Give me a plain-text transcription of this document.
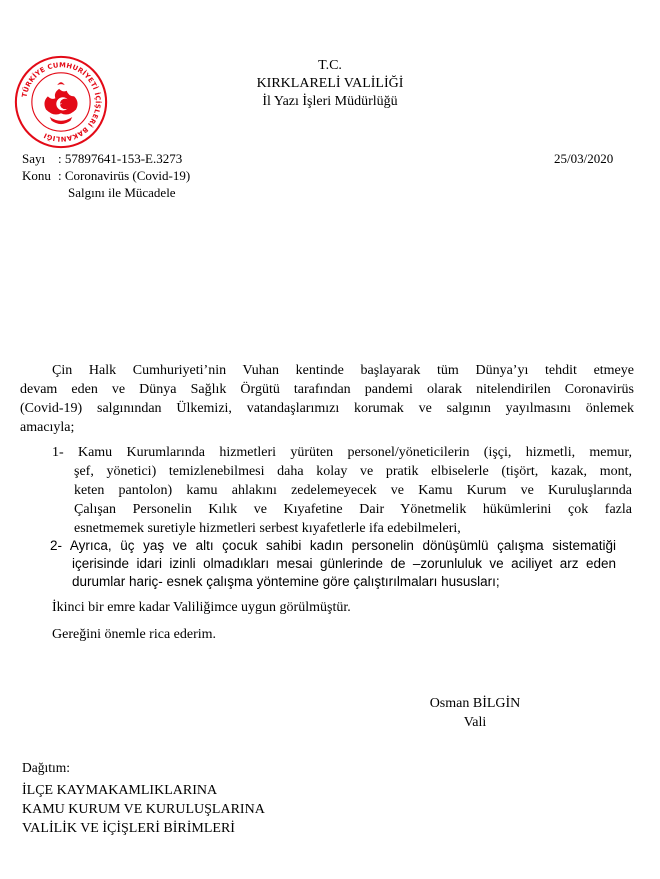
TÜRKİYE CUMHURİYETİ İÇİŞLERİ BAKANLIĞI
T.C.
KIRKLARELİ VALİLİĞİ
İl Yazı İşleri Müdürlüğü
Sayı : 57897641-153-E.3273	25/03/2020
Konu : Coronavirüs (Covid-19)
Salgını ile Mücadele
Çin Halk Cumhuriyeti’nin Vuhan kentinde başlayarak tüm Dünya’yı tehdit etmeye
devam eden ve Dünya Sağlık Örgütü tarafından pandemi olarak nitelendirilen Coronavirüs
(Covid-19) salgınından Ülkemizi, vatandaşlarımızı korumak ve salgının yayılmasını önlemek
amacıyla;
1- Kamu Kurumlarında hizmetleri yürüten personel/yöneticilerin (işçi, hizmetli, memur,
şef, yönetici) temizlenebilmesi daha kolay ve pratik elbiselerle (tişört, kazak, mont,
keten pantolon) kamu ahlakını zedelemeyecek ve Kamu Kurum ve Kuruluşlarında
Çalışan Personelin Kılık ve Kıyafetine Dair Yönetmelik hükümlerini çok fazla
esnetmemek suretiyle hizmetleri serbest kıyafetlerle ifa edebilmeleri,
2- Ayrıca, üç yaş ve altı çocuk sahibi kadın personelin dönüşümlü çalışma sistematiği
içerisinde idari izinli olmadıkları mesai günlerinde de –zorunluluk ve aciliyet arz eden
durumlar hariç- esnek çalışma yöntemine göre çalıştırılmaları hususları;
İkinci bir emre kadar Valiliğimce uygun görülmüştür.
Gereğini önemle rica ederim.
Osman BİLGİN
Vali
Dağıtım:
İLÇE KAYMAKAMLIKLARINA
KAMU KURUM VE KURULUŞLARINA
VALİLİK VE İÇİŞLERİ BİRİMLERİ
